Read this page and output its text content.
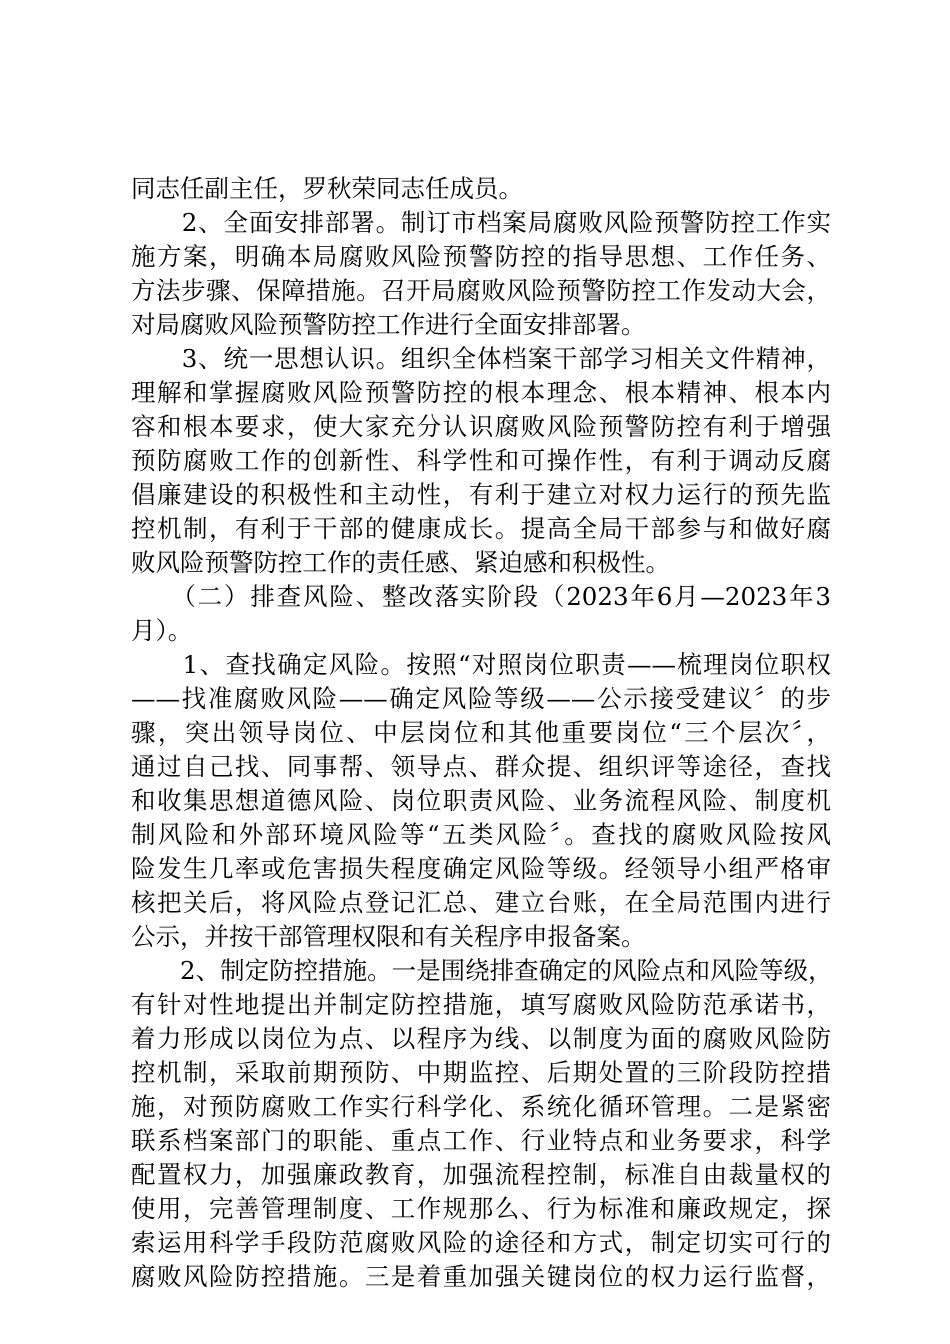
同志任副主任，罗秋荣同志任成员。
　　2、全面安排部署。制订市档案局腐败风险预警防控工作实
施方案，明确本局腐败风险预警防控的指导思想、工作任务、
方法步骤、保障措施。召开局腐败风险预警防控工作发动大会，
对局腐败风险预警防控工作进行全面安排部署。
　　3、统一思想认识。组织全体档案干部学习相关文件精神，
理解和掌握腐败风险预警防控的根本理念、根本精神、根本内
容和根本要求，使大家充分认识腐败风险预警防控有利于增强
预防腐败工作的创新性、科学性和可操作性，有利于调动反腐
倡廉建设的积极性和主动性，有利于建立对权力运行的预先监
控机制，有利于干部的健康成长。提高全局干部参与和做好腐
败风险预警防控工作的责任感、紧迫感和积极性。
　　（二）排查风险、整改落实阶段（2023年6月—2023年3
月）。
　　1、查找确定风险。按照“对照岗位职责——梳理岗位职权
——找准腐败风险——确定风险等级——公示接受建议〞的步
骤，突出领导岗位、中层岗位和其他重要岗位“三个层次〞，
通过自己找、同事帮、领导点、群众提、组织评等途径，查找
和收集思想道德风险、岗位职责风险、业务流程风险、制度机
制风险和外部环境风险等“五类风险〞。查找的腐败风险按风
险发生几率或危害损失程度确定风险等级。经领导小组严格审
核把关后，将风险点登记汇总、建立台账，在全局范围内进行
公示，并按干部管理权限和有关程序申报备案。
　　2、制定防控措施。一是围绕排查确定的风险点和风险等级，
有针对性地提出并制定防控措施，填写腐败风险防范承诺书，
着力形成以岗位为点、以程序为线、以制度为面的腐败风险防
控机制，采取前期预防、中期监控、后期处置的三阶段防控措
施，对预防腐败工作实行科学化、系统化循环管理。二是紧密
联系档案部门的职能、重点工作、行业特点和业务要求，科学
配置权力，加强廉政教育，加强流程控制，标准自由裁量权的
使用，完善管理制度、工作规那么、行为标准和廉政规定，探
索运用科学手段防范腐败风险的途径和方式，制定切实可行的
腐败风险防控措施。三是着重加强关键岗位的权力运行监督，
